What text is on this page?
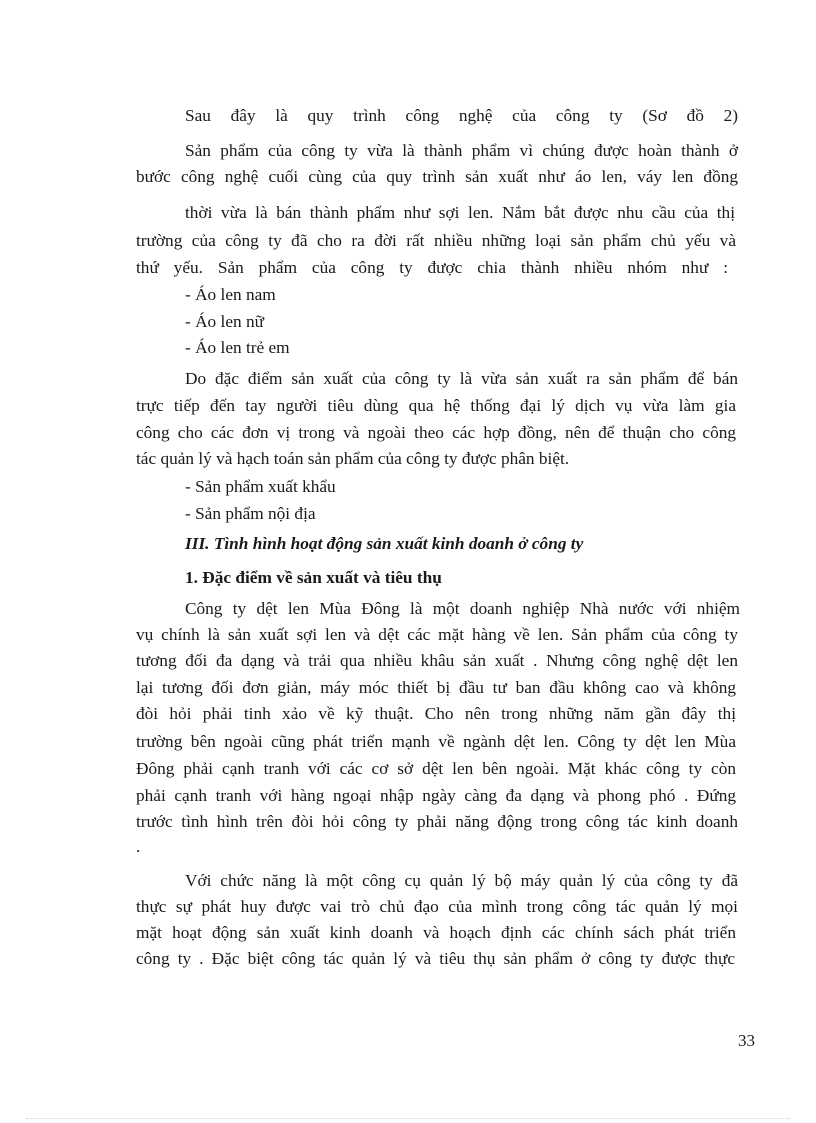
Sau đây là quy trình công nghệ của công ty (Sơ đồ 2)
Sản phẩm của công ty vừa là thành phẩm vì chúng được hoàn thành ở
bước công nghệ cuối cùng của quy trình sản xuất như áo len, váy len đồng
thời vừa là bán thành phẩm như sợi len. Nắm bắt được nhu cầu của thị
trường của công ty đã cho ra đời rất nhiều những loại sản phẩm chủ yếu và
thứ yếu. Sản phẩm của công ty được chia thành nhiều nhóm như :
- Áo len nam
- Áo len nữ
- Áo len trẻ em
Do đặc điểm sản xuất của công ty là vừa sản xuất ra sản phẩm để bán
trực tiếp đến tay người tiêu dùng qua hệ thống đại lý dịch vụ vừa làm gia
công cho các đơn vị trong và ngoài theo các hợp đồng, nên để thuận cho công
tác quản lý và hạch toán sản phẩm của công ty được phân biệt.
- Sản phẩm xuất khẩu
- Sản phẩm nội địa
III. Tình hình hoạt động sản xuất kinh doanh ở công ty
1. Đặc điểm về sản xuất và tiêu thụ
Công ty dệt len Mùa Đông là một doanh nghiệp Nhà nước với nhiệm
vụ chính là sản xuất sợi len và dệt các mặt hàng về len. Sản phẩm của công ty
tương đối đa dạng và trải qua nhiều khâu sản xuất . Nhưng công nghệ dệt len
lại tương đối đơn giản, máy móc thiết bị đầu tư ban đầu không cao và không
đòi hỏi phải tinh xảo về kỹ thuật. Cho nên trong những năm gần đây thị
trường bên ngoài cũng phát triển mạnh về ngành dệt len. Công ty dệt len Mùa
Đông phải cạnh tranh với các cơ sở dệt len bên ngoài. Mặt khác công ty còn
phải cạnh tranh với hàng ngoại nhập ngày càng đa dạng và phong phó . Đứng
trước tình hình trên đòi hỏi công ty phải năng động trong công tác kinh doanh
.
Với chức năng là một công cụ quản lý bộ máy quản lý của công ty đã
thực sự phát huy được vai trò chủ đạo của mình trong công tác quản lý mọi
mặt hoạt động sản xuất kinh doanh và hoạch định các chính sách phát triển
công ty . Đặc biệt công tác quản lý và tiêu thụ sản phẩm ở công ty được thực
33
